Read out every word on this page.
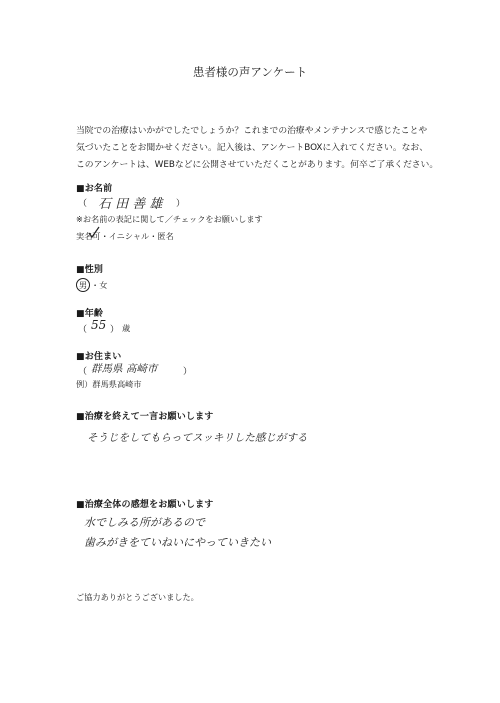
患者様の声アンケート
当院での治療はいかがでしたでしょうか？これまでの治療やメンテナンスで感じたことや
気づいたことをお聞かせください。記入後は、アンケートBOXに入れてください。なお、
このアンケートは、WEBなどに公開させていただくことがあります。何卒ご了承ください。
■お名前
（ 石 田 善 雄 ）
※お名前の表記に関して／チェックをお願いします
実名可・イニシャル・匿名
■性別
男 ・女
■年齢
（ 55 ） 歳
■お住まい
（ 群馬県 高崎市	）
例）群馬県高崎市
■治療を終えて一言お願いします
そうじをしてもらってスッキリした感じがする
■治療全体の感想をお願いします
水でしみる所があるので
歯みがきをていねいにやっていきたい
ご協力ありがとうございました。
